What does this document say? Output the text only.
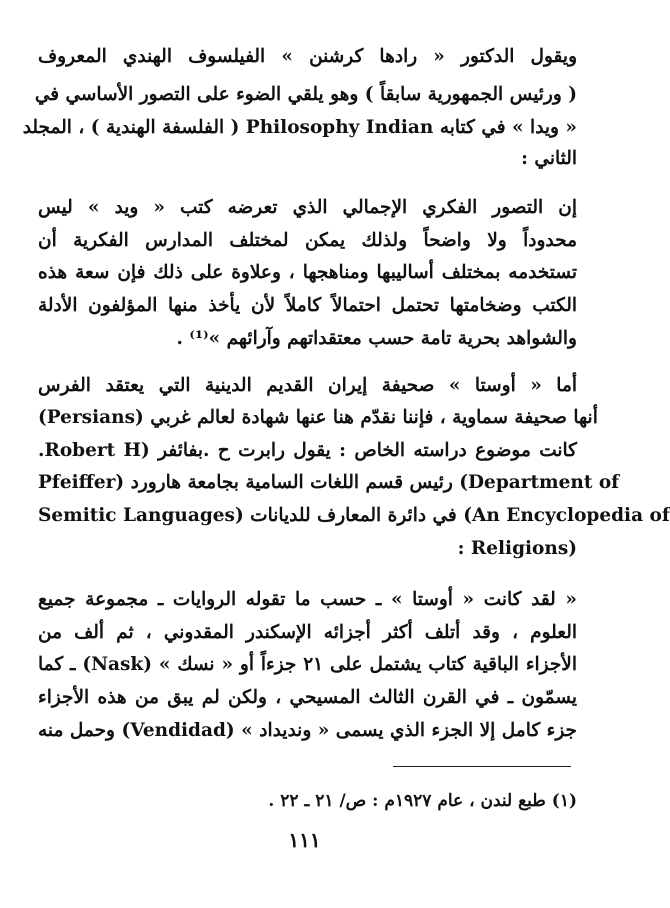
ويقول الدكتور « رادها كرشنن » الفيلسوف الهندي المعروف
( ورئيس الجمهورية سابقاً ) وهو يلقي الضوء على التصور الأساسي في
« ويدا » في كتابه Philosophy Indian ( الفلسفة الهندية ) ، المجلد
الثاني :
إن التصور الفكري الإجمالي الذي تعرضه كتب « ويد » ليس
محدوداً ولا واضحاً ولذلك يمكن لمختلف المدارس الفكرية أن
تستخدمه بمختلف أساليبها ومناهجها ، وعلاوة على ذلك فإن سعة هذه
الكتب وضخامتها تحتمل احتمالاً كاملاً لأن يأخذ منها المؤلفون الأدلة
والشواهد بحرية تامة حسب معتقداتهم وآرائهم »⁽¹⁾ .
أما « أوستا » صحيفة إيران القديم الدينية التي يعتقد الفرس
(Persians) أنها صحيفة سماوية ، فإننا نقدّم هنا عنها شهادة لعالم غربي
كانت موضوع دراسته الخاص : يقول رابرت ح .بفائفر (Robert H.
Pfeiffer) رئيس قسم اللغات السامية بجامعة هارورد (Department of
Semitic Languages) في دائرة المعارف للديانات (An Encyclopedia of
: Religions)
« لقد كانت « أوستا » ـ حسب ما تقوله الروايات ـ مجموعة جميع
العلوم ، وقد أتلف أكثر أجزائه الإسكندر المقدوني ، ثم ألف من
الأجزاء الباقية كتاب يشتمل على ٢١ جزءاً أو « نسك » (Nask) ـ كما
يسمّون ـ في القرن الثالث المسيحي ، ولكن لم يبق من هذه الأجزاء
جزء كامل إلا الجزء الذي يسمى « ونديداد » (Vendidad) وحمل منه
(١) طبع لندن ، عام ١٩٢٧م : ص/ ٢١ ـ ٢٢ .
١١١
